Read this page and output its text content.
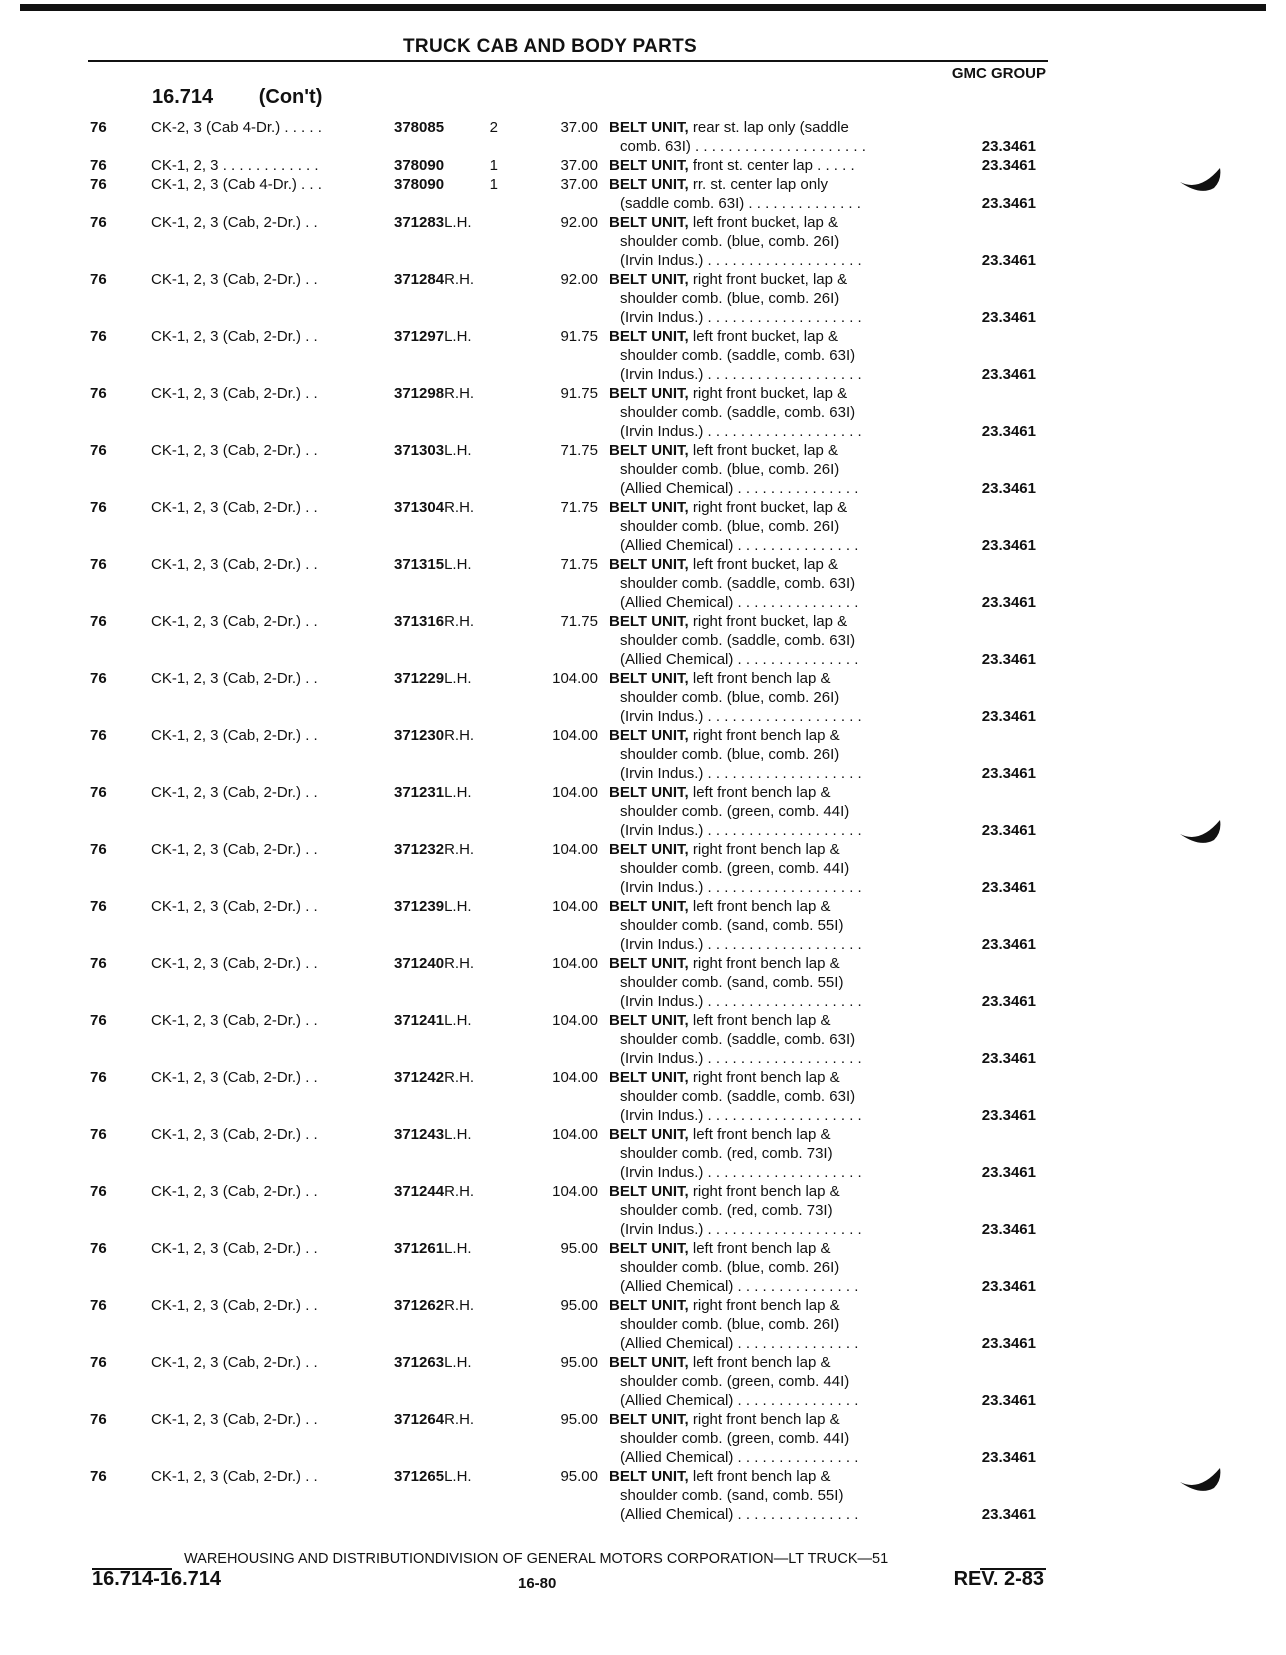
TRUCK CAB AND BODY PARTS
GMC GROUP
16.714 (Con't)
76	CK-2, 3 (Cab 4-Dr.) . . . . .	378085	2	37.00 BELT UNIT, rear st. lap only (saddle
comb. 63I) . . . . . . . . . . . . . . . . . . . . .	23.3461
76	CK-1, 2, 3 . . . . . . . . . . . .	378090	1	37.00 BELT UNIT, front st. center lap . . . . .	23.3461
76	CK-1, 2, 3 (Cab 4-Dr.) . . .	378090	1	37.00 BELT UNIT, rr. st. center lap only
(saddle comb. 63I) . . . . . . . . . . . . . .	23.3461
76	CK-1, 2, 3 (Cab, 2-Dr.) . .	371283L.H.	92.00 BELT UNIT, left front bucket, lap &
shoulder comb. (blue, comb. 26I)
(Irvin Indus.) . . . . . . . . . . . . . . . . . . .	23.3461
76	CK-1, 2, 3 (Cab, 2-Dr.) . .	371284R.H.	92.00 BELT UNIT, right front bucket, lap &
shoulder comb. (blue, comb. 26I)
(Irvin Indus.) . . . . . . . . . . . . . . . . . . .	23.3461
76	CK-1, 2, 3 (Cab, 2-Dr.) . .	371297L.H.	91.75 BELT UNIT, left front bucket, lap &
shoulder comb. (saddle, comb. 63I)
(Irvin Indus.) . . . . . . . . . . . . . . . . . . .	23.3461
76	CK-1, 2, 3 (Cab, 2-Dr.) . .	371298R.H.	91.75 BELT UNIT, right front bucket, lap &
shoulder comb. (saddle, comb. 63I)
(Irvin Indus.) . . . . . . . . . . . . . . . . . . .	23.3461
76	CK-1, 2, 3 (Cab, 2-Dr.) . .	371303L.H.	71.75 BELT UNIT, left front bucket, lap &
shoulder comb. (blue, comb. 26I)
(Allied Chemical) . . . . . . . . . . . . . . .	23.3461
76	CK-1, 2, 3 (Cab, 2-Dr.) . .	371304R.H.	71.75 BELT UNIT, right front bucket, lap &
shoulder comb. (blue, comb. 26I)
(Allied Chemical) . . . . . . . . . . . . . . .	23.3461
76	CK-1, 2, 3 (Cab, 2-Dr.) . .	371315L.H.	71.75 BELT UNIT, left front bucket, lap &
shoulder comb. (saddle, comb. 63I)
(Allied Chemical) . . . . . . . . . . . . . . .	23.3461
76	CK-1, 2, 3 (Cab, 2-Dr.) . .	371316R.H.	71.75 BELT UNIT, right front bucket, lap &
shoulder comb. (saddle, comb. 63I)
(Allied Chemical) . . . . . . . . . . . . . . .	23.3461
76	CK-1, 2, 3 (Cab, 2-Dr.) . .	371229L.H.	104.00 BELT UNIT, left front bench lap &
shoulder comb. (blue, comb. 26I)
(Irvin Indus.) . . . . . . . . . . . . . . . . . . .	23.3461
76	CK-1, 2, 3 (Cab, 2-Dr.) . .	371230R.H.	104.00 BELT UNIT, right front bench lap &
shoulder comb. (blue, comb. 26I)
(Irvin Indus.) . . . . . . . . . . . . . . . . . . .	23.3461
76	CK-1, 2, 3 (Cab, 2-Dr.) . .	371231L.H.	104.00 BELT UNIT, left front bench lap &
shoulder comb. (green, comb. 44I)
(Irvin Indus.) . . . . . . . . . . . . . . . . . . .	23.3461
76	CK-1, 2, 3 (Cab, 2-Dr.) . .	371232R.H.	104.00 BELT UNIT, right front bench lap &
shoulder comb. (green, comb. 44I)
(Irvin Indus.) . . . . . . . . . . . . . . . . . . .	23.3461
76	CK-1, 2, 3 (Cab, 2-Dr.) . .	371239L.H.	104.00 BELT UNIT, left front bench lap &
shoulder comb. (sand, comb. 55I)
(Irvin Indus.) . . . . . . . . . . . . . . . . . . .	23.3461
76	CK-1, 2, 3 (Cab, 2-Dr.) . .	371240R.H.	104.00 BELT UNIT, right front bench lap &
shoulder comb. (sand, comb. 55I)
(Irvin Indus.) . . . . . . . . . . . . . . . . . . .	23.3461
76	CK-1, 2, 3 (Cab, 2-Dr.) . .	371241L.H.	104.00 BELT UNIT, left front bench lap &
shoulder comb. (saddle, comb. 63I)
(Irvin Indus.) . . . . . . . . . . . . . . . . . . .	23.3461
76	CK-1, 2, 3 (Cab, 2-Dr.) . .	371242R.H.	104.00 BELT UNIT, right front bench lap &
shoulder comb. (saddle, comb. 63I)
(Irvin Indus.) . . . . . . . . . . . . . . . . . . .	23.3461
76	CK-1, 2, 3 (Cab, 2-Dr.) . .	371243L.H.	104.00 BELT UNIT, left front bench lap &
shoulder comb. (red, comb. 73I)
(Irvin Indus.) . . . . . . . . . . . . . . . . . . .	23.3461
76	CK-1, 2, 3 (Cab, 2-Dr.) . .	371244R.H.	104.00 BELT UNIT, right front bench lap &
shoulder comb. (red, comb. 73I)
(Irvin Indus.) . . . . . . . . . . . . . . . . . . .	23.3461
76	CK-1, 2, 3 (Cab, 2-Dr.) . .	371261L.H.	95.00 BELT UNIT, left front bench lap &
shoulder comb. (blue, comb. 26I)
(Allied Chemical) . . . . . . . . . . . . . . .	23.3461
76	CK-1, 2, 3 (Cab, 2-Dr.) . .	371262R.H.	95.00 BELT UNIT, right front bench lap &
shoulder comb. (blue, comb. 26I)
(Allied Chemical) . . . . . . . . . . . . . . .	23.3461
76	CK-1, 2, 3 (Cab, 2-Dr.) . .	371263L.H.	95.00 BELT UNIT, left front bench lap &
shoulder comb. (green, comb. 44I)
(Allied Chemical) . . . . . . . . . . . . . . .	23.3461
76	CK-1, 2, 3 (Cab, 2-Dr.) . .	371264R.H.	95.00 BELT UNIT, right front bench lap &
shoulder comb. (green, comb. 44I)
(Allied Chemical) . . . . . . . . . . . . . . .	23.3461
76	CK-1, 2, 3 (Cab, 2-Dr.) . .	371265L.H.	95.00 BELT UNIT, left front bench lap &
shoulder comb. (sand, comb. 55I)
(Allied Chemical) . . . . . . . . . . . . . . .	23.3461
WAREHOUSING AND DISTRIBUTIONDIVISION OF GENERAL MOTORS CORPORATION—LT TRUCK—51
16.714-16.714	16-80	REV. 2-83
